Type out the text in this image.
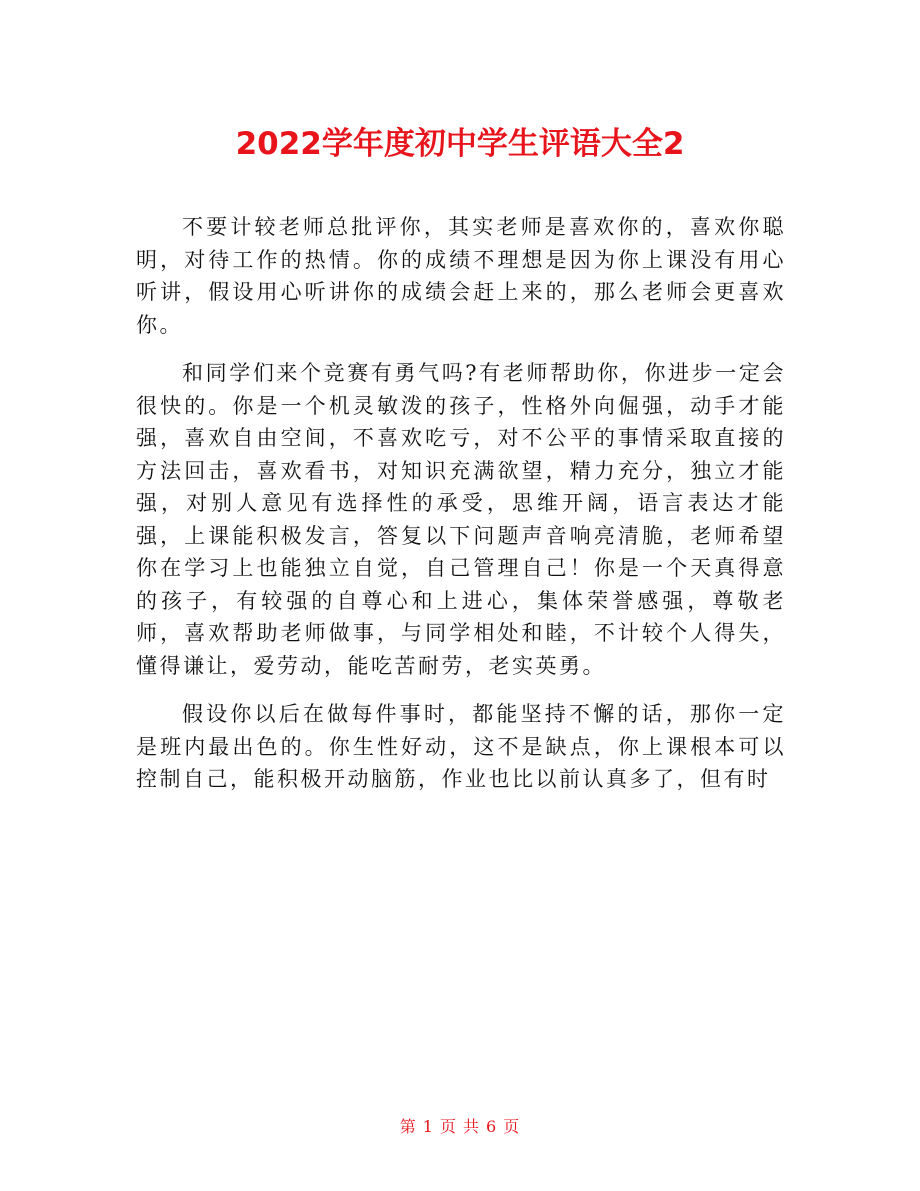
2022学年度初中学生评语大全2

不要计较老师总批评你，其实老师是喜欢你的，喜欢你聪明，对待工作的热情。你的成绩不理想是因为你上课没有用心听讲，假设用心听讲你的成绩会赶上来的，那么老师会更喜欢你。

和同学们来个竞赛有勇气吗?有老师帮助你，你进步一定会很快的。你是一个机灵敏泼的孩子，性格外向倔强，动手才能强，喜欢自由空间，不喜欢吃亏，对不公平的事情采取直接的方法回击，喜欢看书，对知识充满欲望，精力充分，独立才能强，对别人意见有选择性的承受，思维开阔，语言表达才能强，上课能积极发言，答复以下问题声音响亮清脆，老师希望你在学习上也能独立自觉，自己管理自己！你是一个天真得意的孩子，有较强的自尊心和上进心，集体荣誉感强，尊敬老师，喜欢帮助老师做事，与同学相处和睦，不计较个人得失，懂得谦让，爱劳动，能吃苦耐劳，老实英勇。

假设你以后在做每件事时，都能坚持不懈的话，那你一定是班内最出色的。你生性好动，这不是缺点，你上课根本可以控制自己，能积极开动脑筋，作业也比以前认真多了，但有时

第 1 页 共 6 页
